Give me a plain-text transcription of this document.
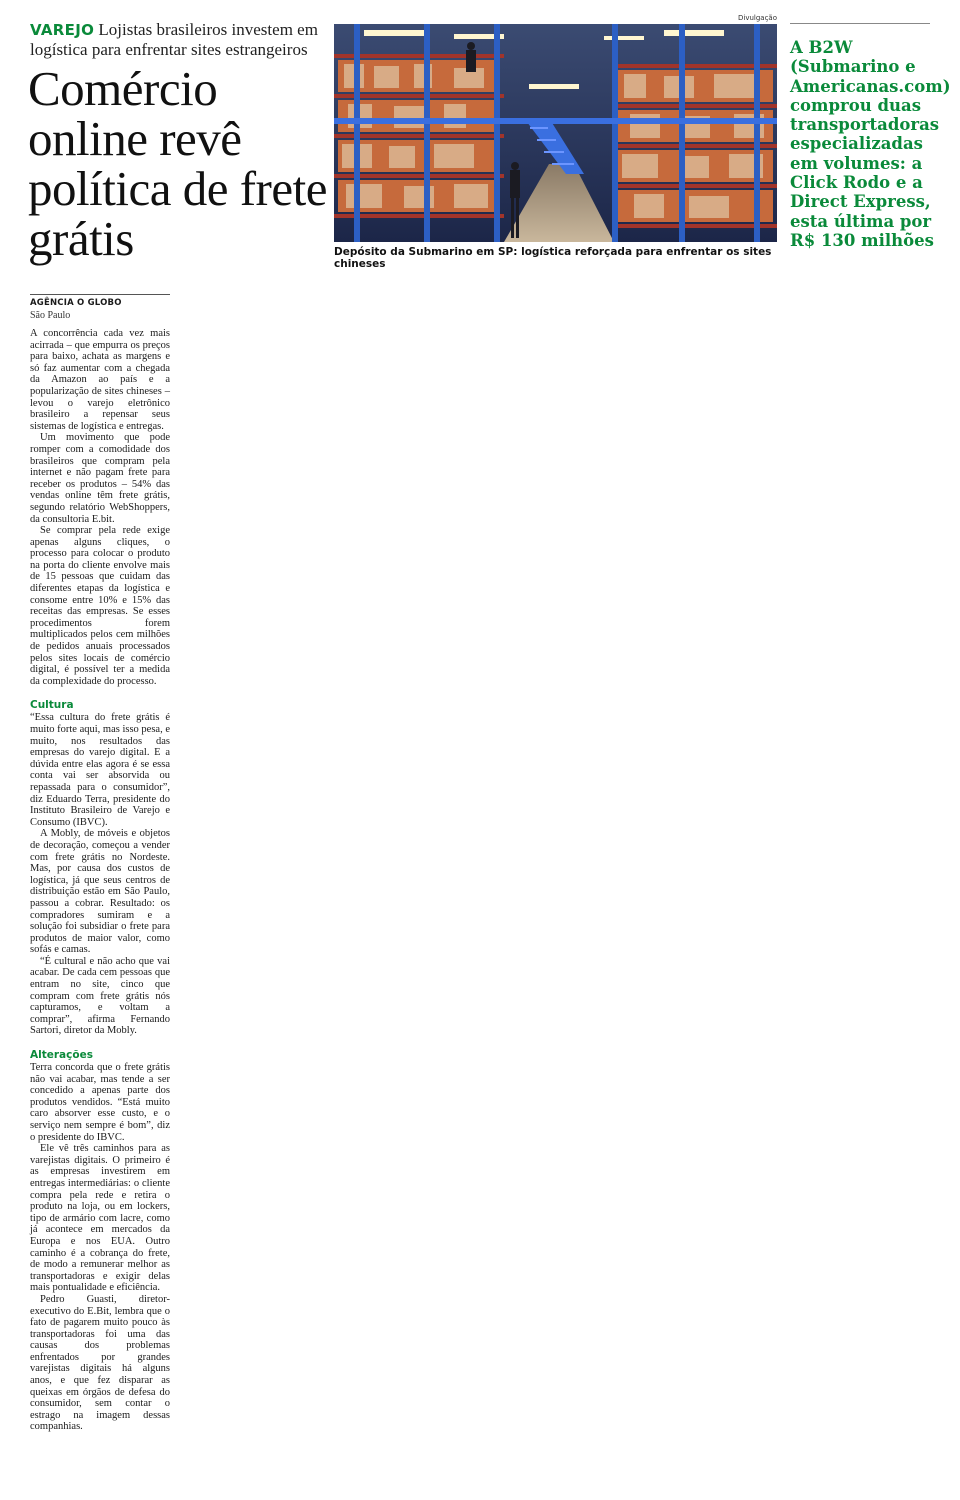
VAREJO Lojistas brasileiros investem em logística para enfrentar sites estrangeiros
Comércio online revê política de frete grátis
Divulgação
Depósito da Submarino em SP: logística reforçada para enfrentar os sites chineses
A B2W (Submarino e Americanas.com) comprou duas transportadoras especializadas em volumes: a Click Rodo e a Direct Express, esta última por R$ 130 milhões
AGÊNCIA O GLOBO
São Paulo

A concorrência cada vez mais acirrada – que empurra os preços para baixo, achata as margens e só faz aumentar com a chegada da Amazon ao país e a popularização de sites chineses – levou o varejo eletrônico brasileiro a repensar seus sistemas de logística e entregas.

Um movimento que pode romper com a comodidade dos brasileiros que compram pela internet e não pagam frete para receber os produtos – 54% das vendas online têm frete grátis, segundo relatório WebShoppers, da consultoria E.bit.

Se comprar pela rede exige apenas alguns cliques, o processo para colocar o produto na porta do cliente envolve mais de 15 pessoas que cuidam das diferentes etapas da logística e consome entre 10% e 15% das receitas das empresas. Se esses procedimentos forem multiplicados pelos cem milhões de pedidos anuais processados pelos sites locais de comércio digital, é possível ter a medida da complexidade do processo.

Cultura

“Essa cultura do frete grátis é muito forte aqui, mas isso pesa, e muito, nos resultados das empresas do varejo digital. E a dúvida entre elas agora é se essa conta vai ser absorvida ou repassada para o consumidor”, diz Eduardo Terra, presidente do Instituto Brasileiro de Varejo e Consumo (IBVC).

A Mobly, de móveis e objetos de decoração, começou a vender com frete grátis no Nordeste. Mas, por causa dos custos de logística, já que seus centros de distribuição estão em São Paulo, passou a cobrar. Resultado: os compradores sumiram e a solução foi subsidiar o frete para produtos de maior valor, como sofás e camas.

“É cultural e não acho que vai acabar. De cada cem pessoas que entram no site, cinco que compram com frete grátis nós capturamos, e voltam a comprar”, afirma Fernando Sartori, diretor da Mobly.

Alterações

Terra concorda que o frete grátis não vai acabar, mas tende a ser concedido a apenas parte dos produtos vendidos. “Está muito caro absorver esse custo, e o serviço nem sempre é bom”, diz o presidente do IBVC.

Ele vê três caminhos para as varejistas digitais. O primeiro é as empresas investirem em entregas intermediárias: o cliente compra pela rede e retira o produto na loja, ou em lockers, tipo de armário com lacre, como já acontece em mercados da Europa e nos EUA. Outro caminho é a cobrança do frete, de modo a remunerar melhor as transportadoras e exigir delas mais pontualidade e eficiência.

Pedro Guasti, diretor-executivo do E.Bit, lembra que o fato de pagarem muito pouco às transportadoras foi uma das causas dos problemas enfrentados por grandes varejistas digitais há alguns anos, e que fez disparar as queixas em órgãos de defesa do consumidor, sem contar o estrago na imagem dessas companhias.
